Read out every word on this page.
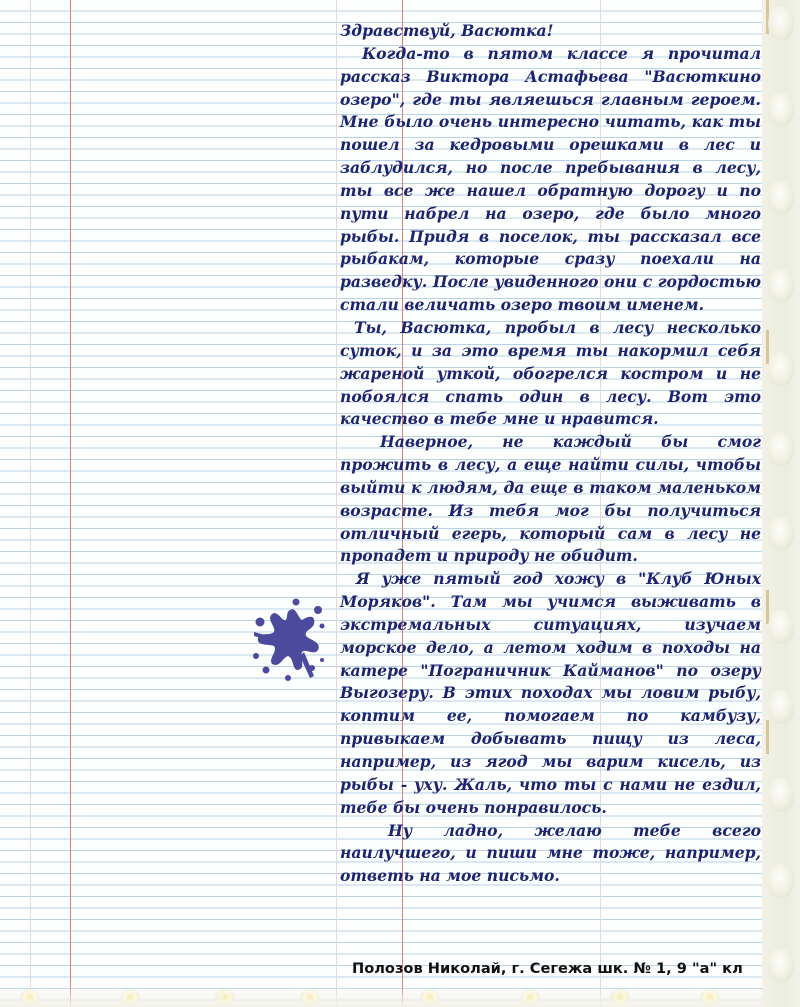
Здравствуй, Васютка!

Когда-то в пятом классе я прочитал рассказ Виктора Астафьева "Васюткино озеро", где ты являешься главным героем. Мне было очень интересно читать, как ты пошел за кедровыми орешками в лес и заблудился, но после пребывания в лесу, ты все же нашел обратную дорогу и по пути набрел на озеро, где было много рыбы. Придя в поселок, ты рассказал все рыбакам, которые сразу поехали на разведку. После увиденного они с гордостью стали величать озеро твоим именем.

Ты, Васютка, пробыл в лесу несколько суток, и за это время ты накормил себя жареной уткой, обогрелся костром и не побоялся спать один в лесу. Вот это качество в тебе мне и нравится.

Наверное, не каждый бы смог прожить в лесу, а еще найти силы, чтобы выйти к людям, да еще в таком маленьком возрасте. Из тебя мог бы получиться отличный егерь, который сам в лесу не пропадет и природу не обидит.

Я уже пятый год хожу в "Клуб Юных Моряков". Там мы учимся выживать в экстремальных ситуациях, изучаем морское дело, а летом ходим в походы на катере "Пограничник Кайманов" по озеру Выгозеру. В этих походах мы ловим рыбу, коптим ее, помогаем по камбузу, привыкаем добывать пищу из леса, например, из ягод мы варим кисель, из рыбы - уху. Жаль, что ты с нами не ездил, тебе бы очень понравилось.

Ну ладно, желаю тебе всего наилучшего, и пиши мне тоже, например, ответь на мое письмо.

Полозов Николай, г. Сегежа шк. № 1, 9 "а" кл
